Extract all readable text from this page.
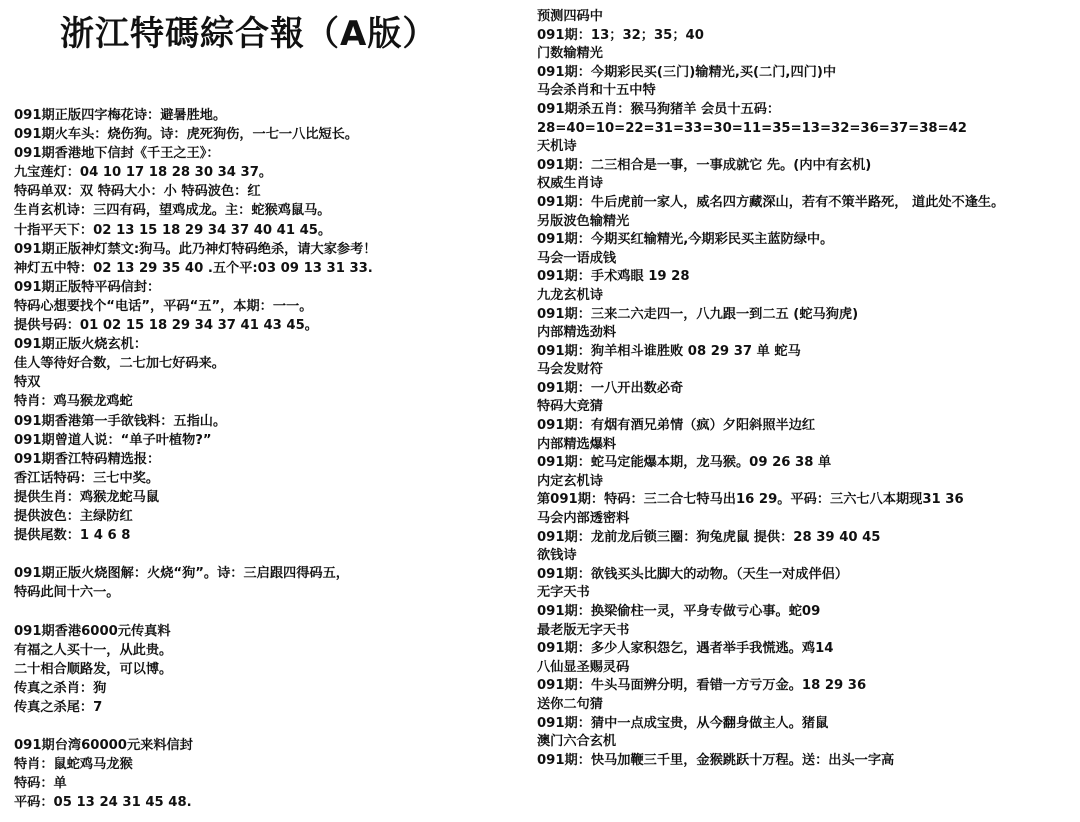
浙江特碼綜合報（A版）
091期正版四字梅花诗：避暑胜地。
091期火车头：烧伤狗。诗：虎死狗伤，一七一八比短长。
091期香港地下信封《千王之王》：
九宝莲灯：04 10 17 18 28 30 34 37。
特码单双：双 特码大小：小 特码波色：红
生肖玄机诗：三四有码，望鸡成龙。主：蛇猴鸡鼠马。
十指平天下：02 13 15 18 29 34 37 40 41 45。
091期正版神灯禁文:狗马。此乃神灯特码绝杀，请大家参考！
神灯五中特：02 13 29 35 40 .五个平:03 09 13 31 33.
091期正版特平码信封：
特码心想要找个“电话”，平码“五”，本期：一一。
提供号码：01 02 15 18 29 34 37 41 43 45。
091期正版火烧玄机：
佳人等待好合数，二七加七好码来。
特双
特肖：鸡马猴龙鸡蛇
091期香港第一手欲钱料：五指山。
091期曾道人说：“单子叶植物?”
091期香江特码精选报：
香江话特码：三七中奖。
提供生肖：鸡猴龙蛇马鼠
提供波色：主绿防红
提供尾数：1 4 6 8
091期正版火烧图解：火烧“狗”。诗：三启跟四得码五，
特码此间十六一。
091期香港6000元传真料
有福之人买十一，从此贵。
二十相合顺路发，可以博。
传真之杀肖：狗
传真之杀尾：7
091期台湾60000元来料信封
特肖：鼠蛇鸡马龙猴
特码：单
平码：05 13 24 31 45 48.
预测四码中
091期：13；32；35；40
门数输精光
091期：今期彩民买(三门)输精光,买(二门,四门)中
马会杀肖和十五中特
091期杀五肖：猴马狗猪羊 会员十五码：
28=40=10=22=31=33=30=11=35=13=32=36=37=38=42
天机诗
091期：二三相合是一事，一事成就它 先。(内中有玄机)
权威生肖诗
091期：牛后虎前一家人，威名四方藏深山，若有不策半路死， 道此处不逢生。
另版波色输精光
091期：今期买红输精光,今期彩民买主蓝防绿中。
马会一语成钱
091期：手术鸡眼 19 28
九龙玄机诗
091期：三来二六走四一，八九跟一到二五 (蛇马狗虎)
内部精选劲料
091期：狗羊相斗谁胜败 08 29 37 单 蛇马
马会发财符
091期：一八开出数必奇
特码大竞猜
091期：有烟有酒兄弟情（疯）夕阳斜照半边红
内部精选爆料
091期：蛇马定能爆本期，龙马猴。09 26 38 单
内定玄机诗
第091期：特码：三二合七特马出16 29。平码：三六七八本期现31 36
马会内部透密料
091期：龙前龙后锁三圈：狗兔虎鼠 提供：28 39 40 45
欲钱诗
091期：欲钱买头比脚大的动物。（天生一对成伴侣）
无字天书
091期：换梁偷柱一灵，平身专做亏心事。蛇09
最老版无字天书
091期：多少人家积怨乞，遇者举手我慌逃。鸡14
八仙显圣赐灵码
091期：牛头马面辨分明，看错一方亏万金。18 29 36
送你二句猜
091期：猜中一点成宝贵，从今翻身做主人。猪鼠
澳门六合玄机
091期：快马加鞭三千里，金猴跳跃十万程。送：出头一字高
